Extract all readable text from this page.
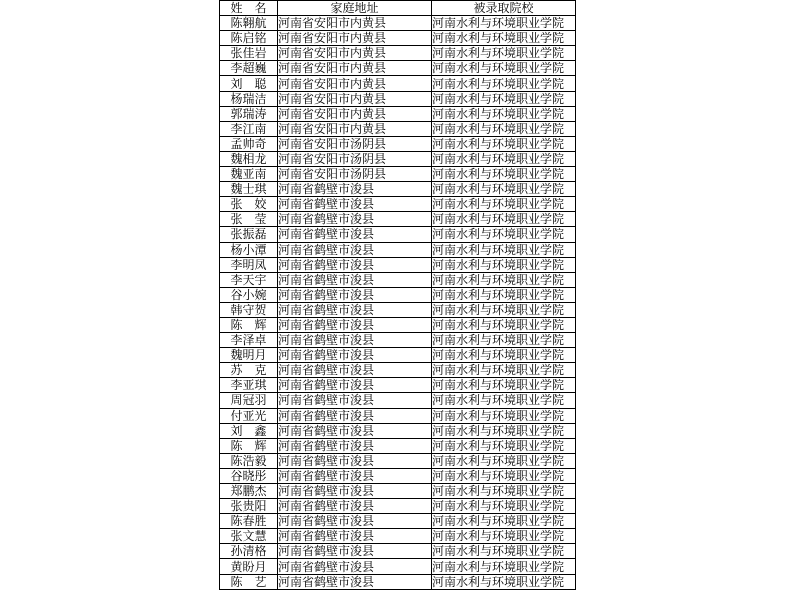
姓　名	家庭地址	被录取院校
陈翱航	河南省安阳市内黄县	河南水利与环境职业学院
陈启铭	河南省安阳市内黄县	河南水利与环境职业学院
张佳岩	河南省安阳市内黄县	河南水利与环境职业学院
李超巍	河南省安阳市内黄县	河南水利与环境职业学院
刘　聪	河南省安阳市内黄县	河南水利与环境职业学院
杨瑞洁	河南省安阳市内黄县	河南水利与环境职业学院
郭瑞涛	河南省安阳市内黄县	河南水利与环境职业学院
李江南	河南省安阳市内黄县	河南水利与环境职业学院
孟帅奇	河南省安阳市汤阴县	河南水利与环境职业学院
魏相龙	河南省安阳市汤阴县	河南水利与环境职业学院
魏亚南	河南省安阳市汤阴县	河南水利与环境职业学院
魏士琪	河南省鹤壁市浚县	河南水利与环境职业学院
张　姣	河南省鹤壁市浚县	河南水利与环境职业学院
张　莹	河南省鹤壁市浚县	河南水利与环境职业学院
张振磊	河南省鹤壁市浚县	河南水利与环境职业学院
杨小潭	河南省鹤壁市浚县	河南水利与环境职业学院
李明凤	河南省鹤壁市浚县	河南水利与环境职业学院
李天宇	河南省鹤壁市浚县	河南水利与环境职业学院
谷小婉	河南省鹤壁市浚县	河南水利与环境职业学院
韩守贺	河南省鹤壁市浚县	河南水利与环境职业学院
陈　辉	河南省鹤壁市浚县	河南水利与环境职业学院
李泽卓	河南省鹤壁市浚县	河南水利与环境职业学院
魏明月	河南省鹤壁市浚县	河南水利与环境职业学院
苏　克	河南省鹤壁市浚县	河南水利与环境职业学院
李亚琪	河南省鹤壁市浚县	河南水利与环境职业学院
周冠羽	河南省鹤壁市浚县	河南水利与环境职业学院
付亚光	河南省鹤壁市浚县	河南水利与环境职业学院
刘　鑫	河南省鹤壁市浚县	河南水利与环境职业学院
陈　辉	河南省鹤壁市浚县	河南水利与环境职业学院
陈浩毅	河南省鹤壁市浚县	河南水利与环境职业学院
谷晓彤	河南省鹤壁市浚县	河南水利与环境职业学院
郑鹏杰	河南省鹤壁市浚县	河南水利与环境职业学院
张贵阳	河南省鹤壁市浚县	河南水利与环境职业学院
陈春胜	河南省鹤壁市浚县	河南水利与环境职业学院
张文慧	河南省鹤壁市浚县	河南水利与环境职业学院
孙清格	河南省鹤壁市浚县	河南水利与环境职业学院
黄盼月	河南省鹤壁市浚县	河南水利与环境职业学院
陈　艺	河南省鹤壁市浚县	河南水利与环境职业学院
